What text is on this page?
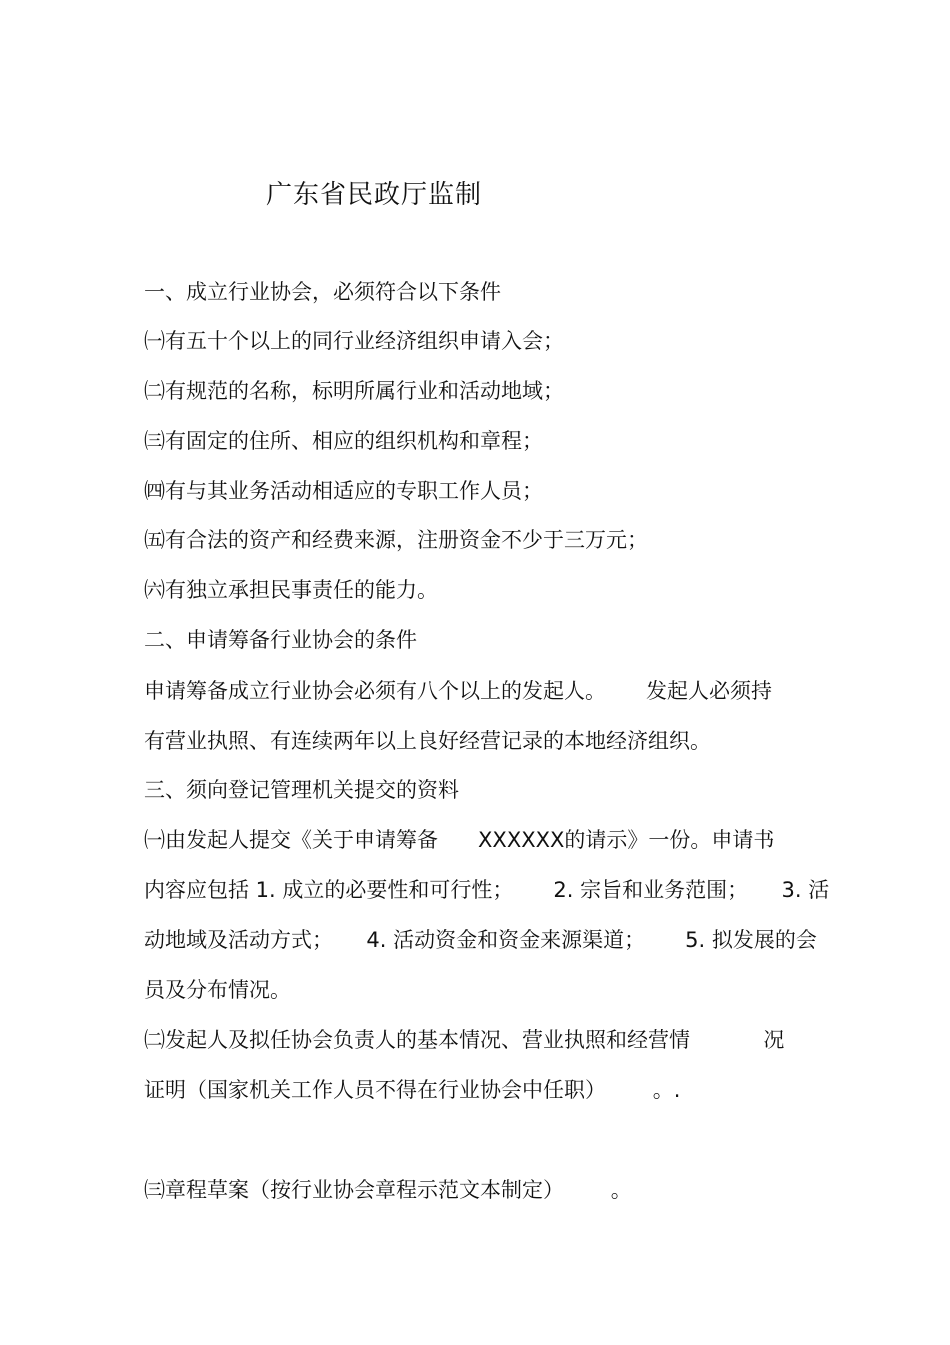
广东省民政厅监制
一、成立行业协会，必须符合以下条件
㈠有五十个以上的同行业经济组织申请入会；
㈡有规范的名称，标明所属行业和活动地域；
㈢有固定的住所、相应的组织机构和章程；
㈣有与其业务活动相适应的专职工作人员；
㈤有合法的资产和经费来源，注册资金不少于三万元；
㈥有独立承担民事责任的能力。
二、申请筹备行业协会的条件
申请筹备成立行业协会必须有八个以上的发起人。      发起人必须持
有营业执照、有连续两年以上良好经营记录的本地经济组织。
三、须向登记管理机关提交的资料
㈠由发起人提交《关于申请筹备      XXXXXX的请示》一份。申请书
内容应包括 1. 成立的必要性和可行性；      2. 宗旨和业务范围；     3. 活
动地域及活动方式；     4. 活动资金和资金来源渠道；      5. 拟发展的会
员及分布情况。
㈡发起人及拟任协会负责人的基本情况、营业执照和经营情           况
证明（国家机关工作人员不得在行业协会中任职）       。.
㈢章程草案（按行业协会章程示范文本制定）       。
